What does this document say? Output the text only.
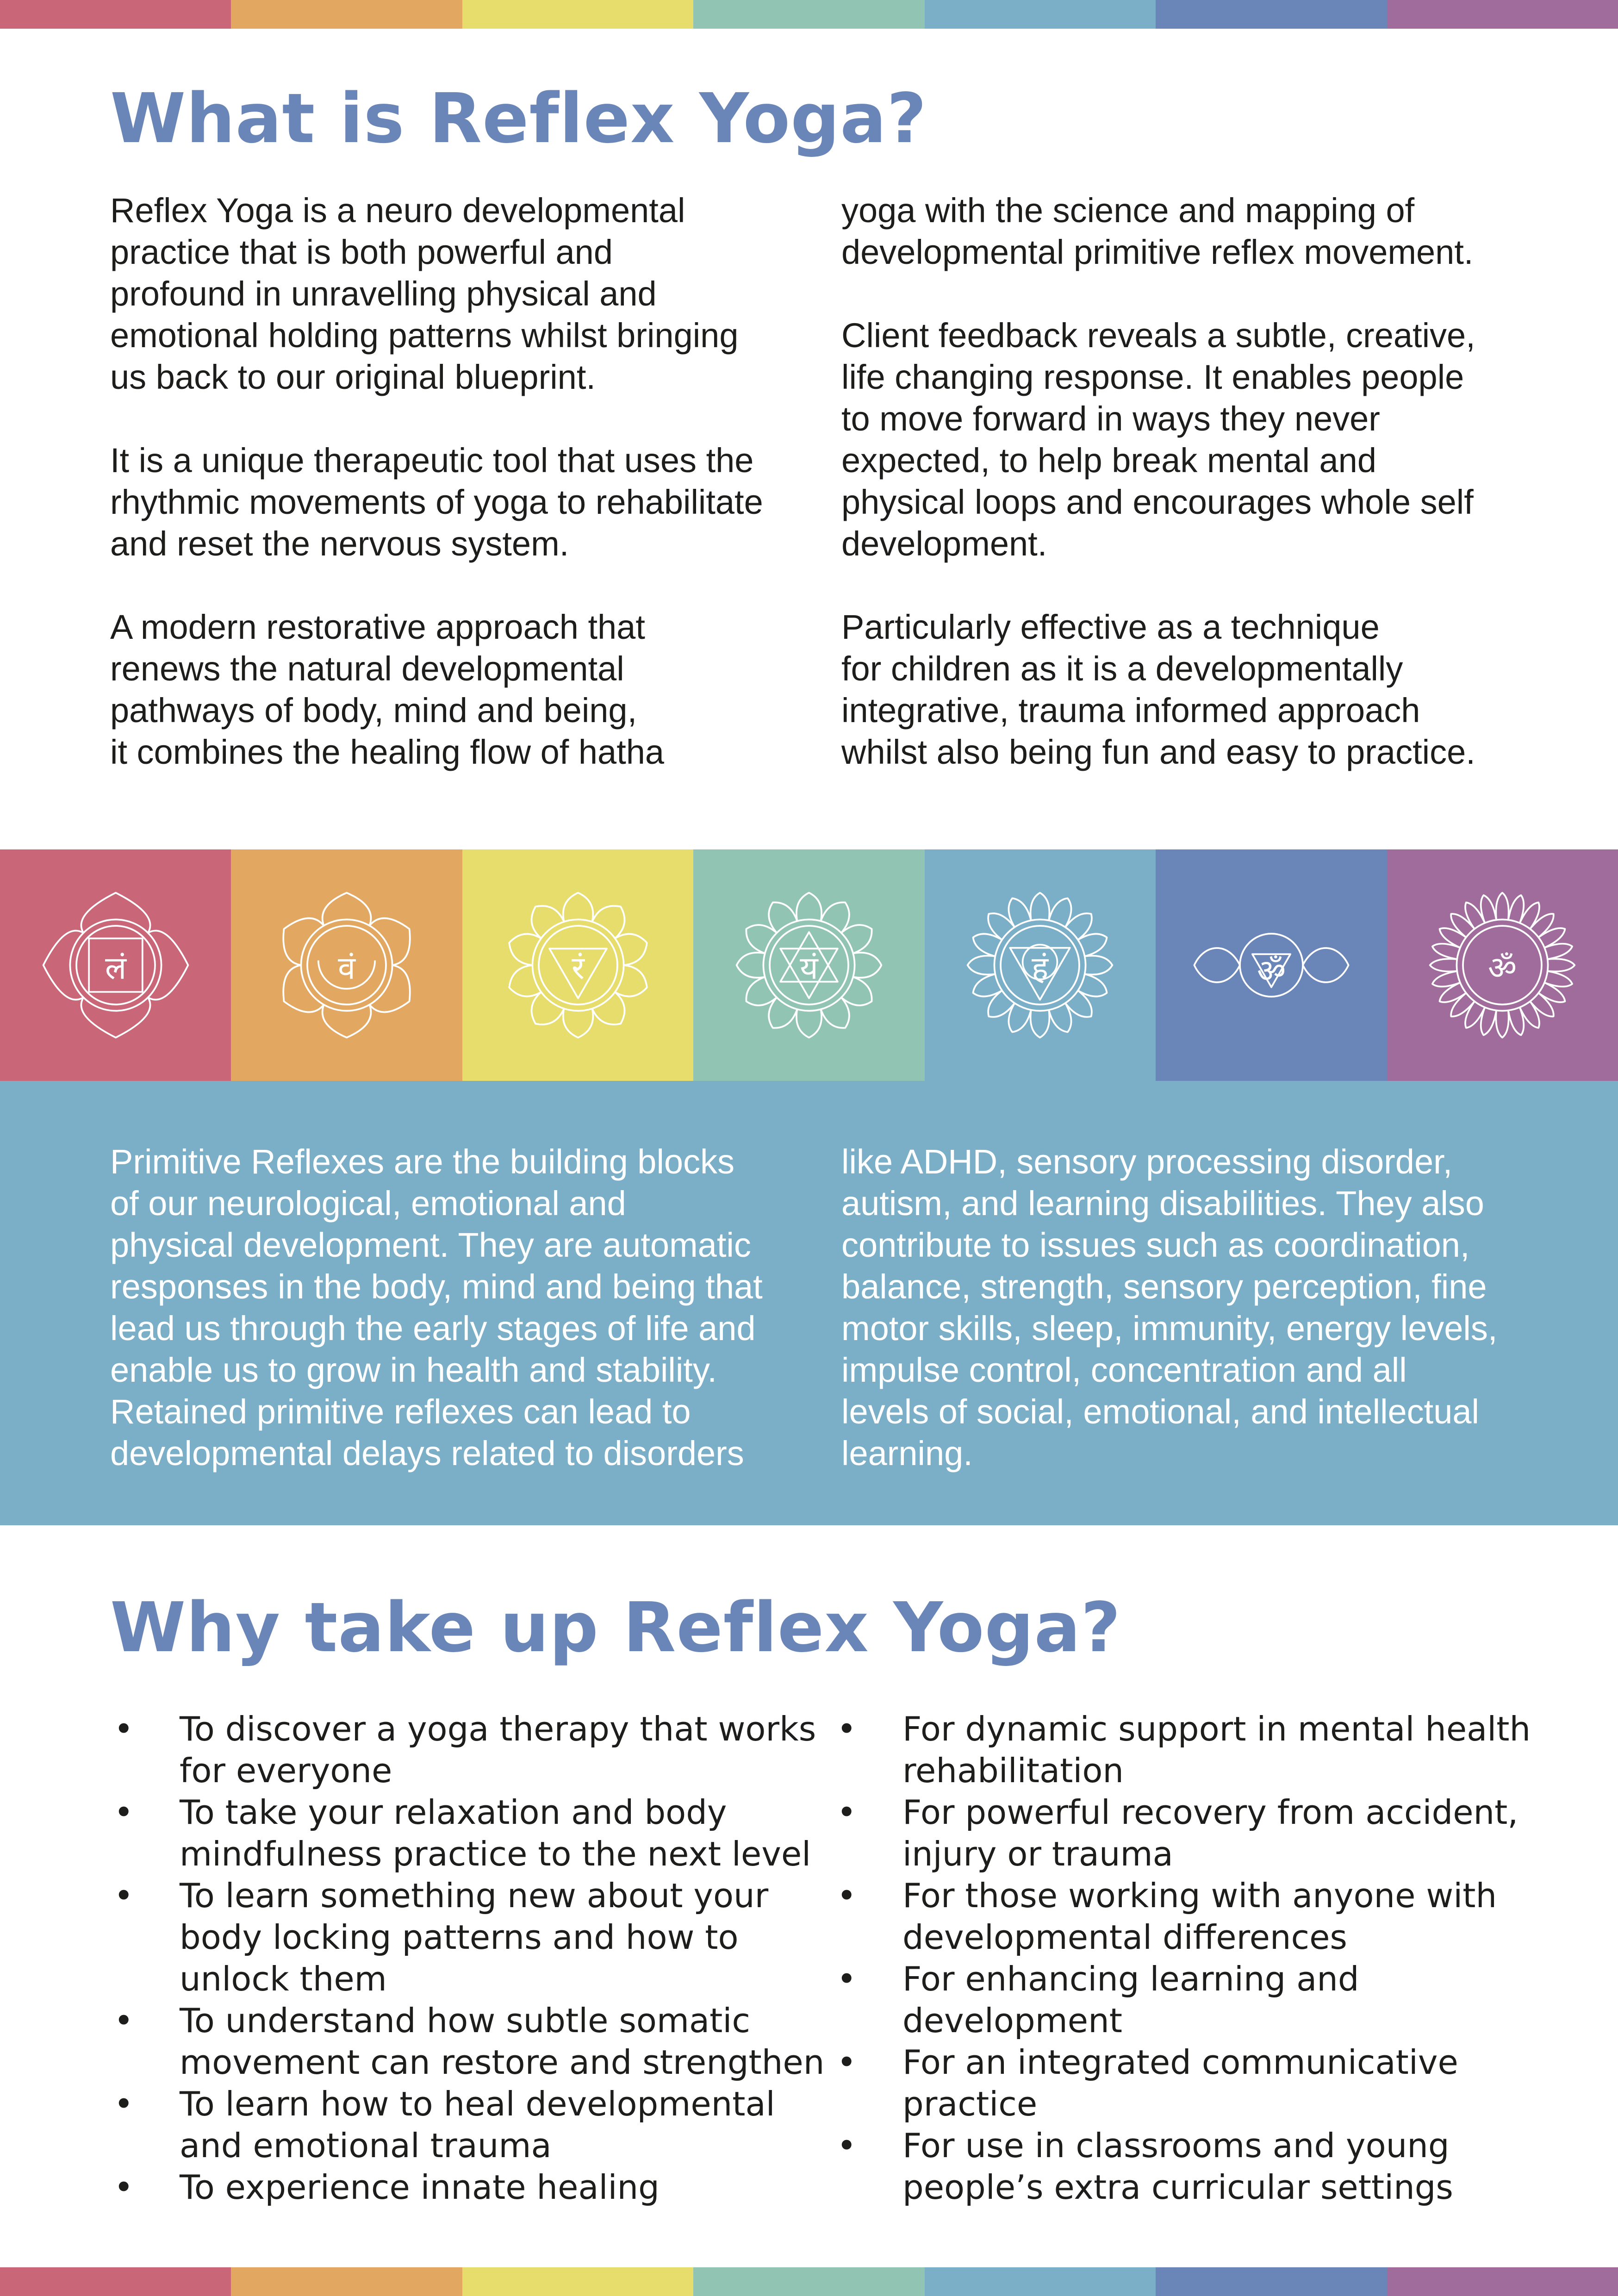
What is Reflex Yoga?

Reflex Yoga is a neuro developmental
practice that is both powerful and
profound in unravelling physical and
emotional holding patterns whilst bringing
us back to our original blueprint.

It is a unique therapeutic tool that uses the
rhythmic movements of yoga to rehabilitate
and reset the nervous system.

A modern restorative approach that
renews the natural developmental
pathways of body, mind and being,
it combines the healing flow of hatha

yoga with the science and mapping of
developmental primitive reflex movement.

Client feedback reveals a subtle, creative,
life changing response. It enables people
to move forward in ways they never
expected, to help break mental and
physical loops and encourages whole self
development.

Particularly effective as a technique
for children as it is a developmentally
integrative, trauma informed approach
whilst also being fun and easy to practice.

लं	वं	रं	यं	हं	ॐ	ॐ

Primitive Reflexes are the building blocks
of our neurological, emotional and
physical development. They are automatic
responses in the body, mind and being that
lead us through the early stages of life and
enable us to grow in health and stability.
Retained primitive reflexes can lead to
developmental delays related to disorders

like ADHD, sensory processing disorder,
autism, and learning disabilities. They also
contribute to issues such as coordination,
balance, strength, sensory perception, fine
motor skills, sleep, immunity, energy levels,
impulse control, concentration and all
levels of social, emotional, and intellectual
learning.

Why take up Reflex Yoga?
• To discover a yoga therapy that works
for everyone
• To take your relaxation and body
mindfulness practice to the next level
• To learn something new about your
body locking patterns and how to
unlock them
• To understand how subtle somatic
movement can restore and strengthen
• To learn how to heal developmental
and emotional trauma
• To experience innate healing
• For dynamic support in mental health
rehabilitation
• For powerful recovery from accident,
injury or trauma
• For those working with anyone with
developmental differences
• For enhancing learning and
development
• For an integrated communicative
practice
• For use in classrooms and young
people’s extra curricular settings
